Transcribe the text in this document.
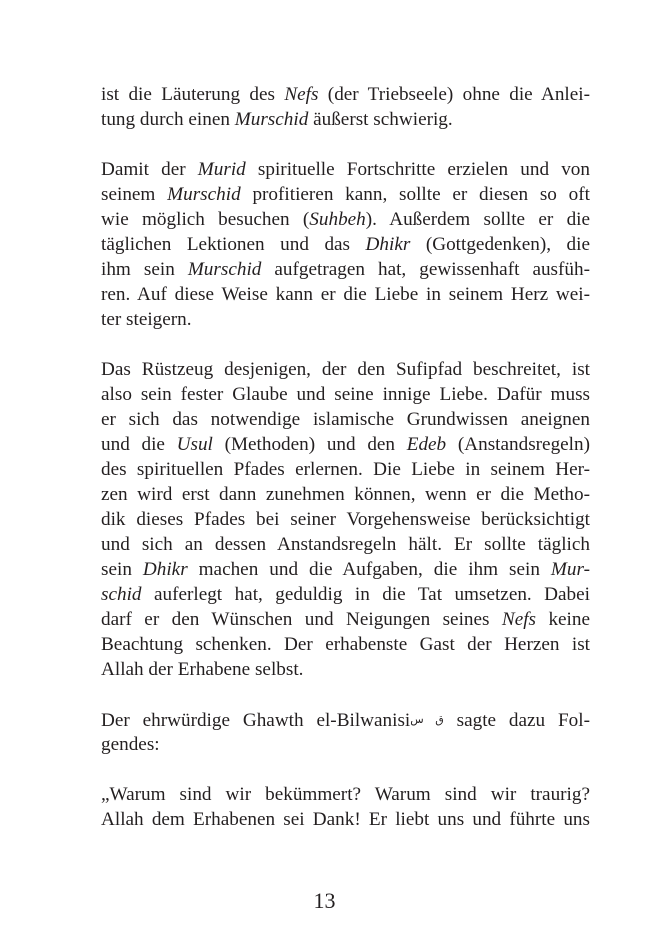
ist die Läuterung des Nefs (der Triebseele) ohne die Anlei-
tung durch einen Murschid äußerst schwierig.
Damit der Murid spirituelle Fortschritte erzielen und von
seinem Murschid profitieren kann, sollte er diesen so oft
wie möglich besuchen (Suhbeh). Außerdem sollte er die
täglichen Lektionen und das Dhikr (Gottgedenken), die
ihm sein Murschid aufgetragen hat, gewissenhaft ausfüh-
ren. Auf diese Weise kann er die Liebe in seinem Herz wei-
ter steigern.
Das Rüstzeug desjenigen, der den Sufipfad beschreitet, ist
also sein fester Glaube und seine innige Liebe. Dafür muss
er sich das notwendige islamische Grundwissen aneignen
und die Usul (Methoden) und den Edeb (Anstandsregeln)
des spirituellen Pfades erlernen. Die Liebe in seinem Her-
zen wird erst dann zunehmen können, wenn er die Metho-
dik dieses Pfades bei seiner Vorgehensweise berücksichtigt
und sich an dessen Anstandsregeln hält. Er sollte täglich
sein Dhikr machen und die Aufgaben, die ihm sein Mur-
schid auferlegt hat, geduldig in die Tat umsetzen. Dabei
darf er den Wünschen und Neigungen seines Nefs keine
Beachtung schenken. Der erhabenste Gast der Herzen ist
Allah der Erhabene selbst.
Der ehrwürdige Ghawth el-Bilwanisiق س sagte dazu Fol-
gendes:
„Warum sind wir bekümmert? Warum sind wir traurig?
Allah dem Erhabenen sei Dank! Er liebt uns und führte uns
13
